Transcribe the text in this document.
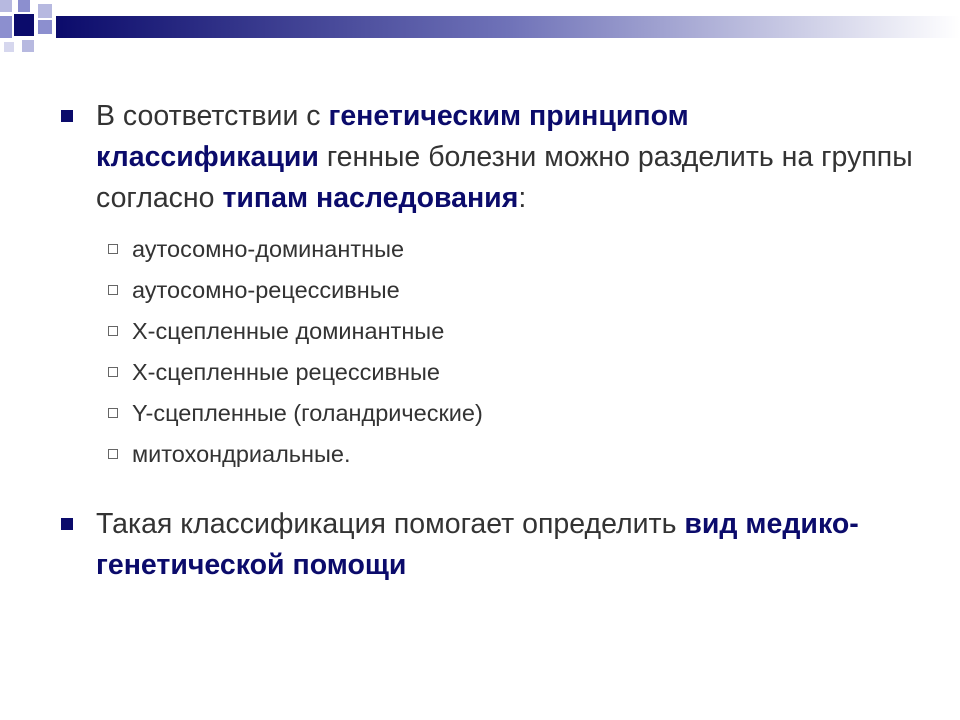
В соответствии с генетическим принципом классификации генные болезни можно разделить на группы согласно типам наследования:
аутосомно-доминантные
аутосомно-рецессивные
Х-сцепленные доминантные
Х-сцепленные рецессивные
Y-сцепленные (голандрические)
митохондриальные.
Такая классификация помогает определить вид медико-генетической помощи
